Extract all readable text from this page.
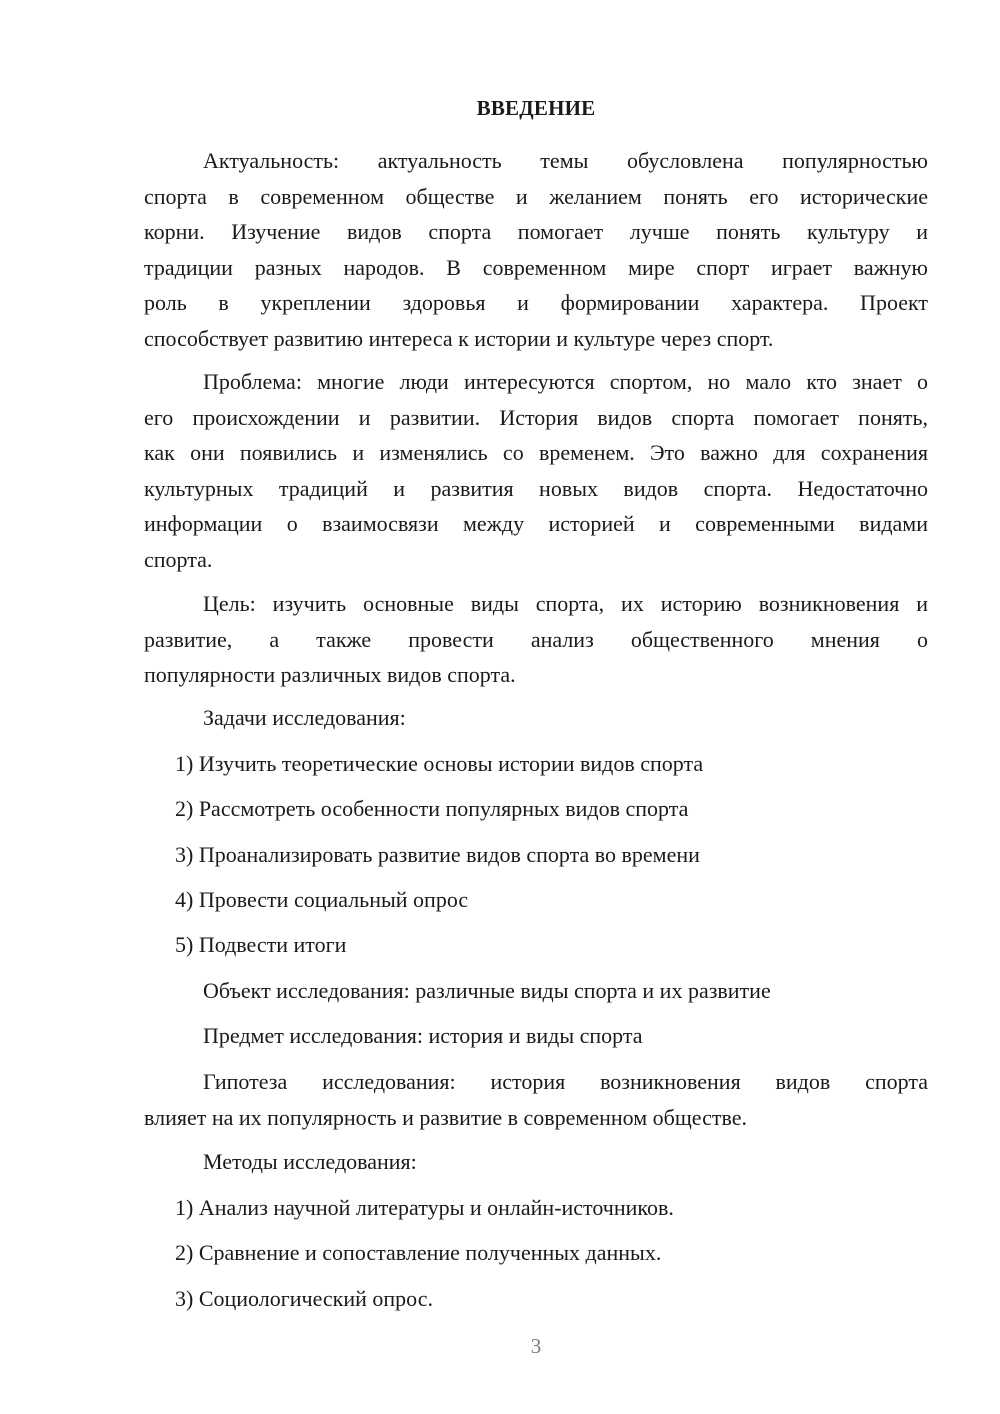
ВВЕДЕНИЕ
Актуальность: актуальность темы обусловлена популярностью
спорта в современном обществе и желанием понять его исторические
корни. Изучение видов спорта помогает лучше понять культуру и
традиции разных народов. В современном мире спорт играет важную
роль в укреплении здоровья и формировании характера. Проект
способствует развитию интереса к истории и культуре через спорт.
Проблема: многие люди интересуются спортом, но мало кто знает о
его происхождении и развитии. История видов спорта помогает понять,
как они появились и изменялись со временем. Это важно для сохранения
культурных традиций и развития новых видов спорта. Недостаточно
информации о взаимосвязи между историей и современными видами
спорта.
Цель: изучить основные виды спорта, их историю возникновения и
развитие, а также провести анализ общественного мнения о
популярности различных видов спорта.
Задачи исследования:
1) Изучить теоретические основы истории видов спорта
2) Рассмотреть особенности популярных видов спорта
3) Проанализировать развитие видов спорта во времени
4) Провести социальный опрос
5) Подвести итоги
Объект исследования: различные виды спорта и их развитие
Предмет исследования: история и виды спорта
Гипотеза исследования: история возникновения видов спорта
влияет на их популярность и развитие в современном обществе.
Методы исследования:
1) Анализ научной литературы и онлайн-источников.
2) Сравнение и сопоставление полученных данных.
3) Социологический опрос.
3
